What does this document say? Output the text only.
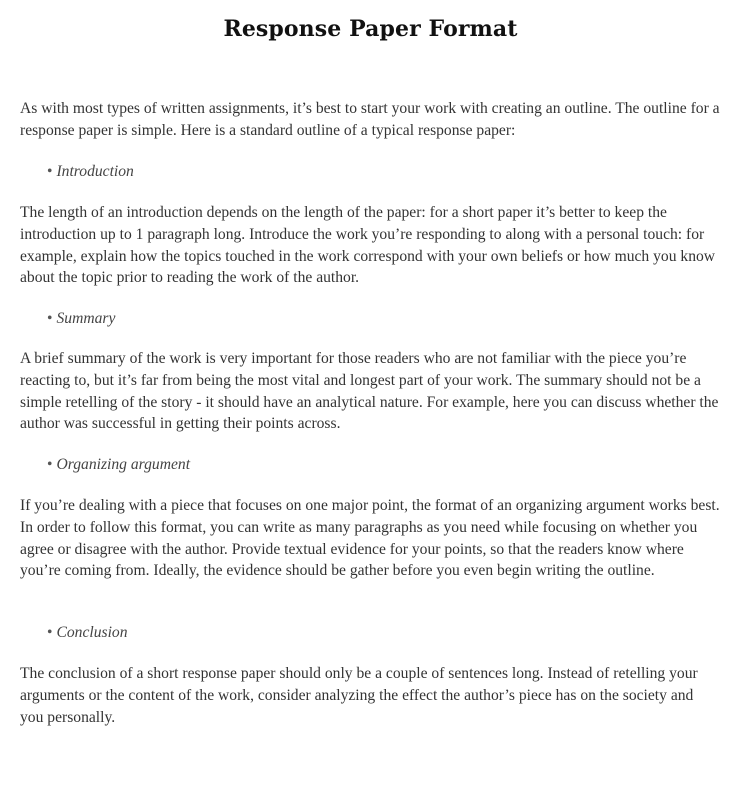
Response Paper Format

As with most types of written assignments, it’s best to start your work with creating an outline. The outline for a response paper is simple. Here is a standard outline of a typical response paper:

• Introduction

The length of an introduction depends on the length of the paper: for a short paper it’s better to keep the introduction up to 1 paragraph long. Introduce the work you’re responding to along with a personal touch: for example, explain how the topics touched in the work correspond with your own beliefs or how much you know about the topic prior to reading the work of the author.

• Summary

A brief summary of the work is very important for those readers who are not familiar with the piece you’re reacting to, but it’s far from being the most vital and longest part of your work. The summary should not be a simple retelling of the story - it should have an analytical nature. For example, here you can discuss whether the author was successful in getting their points across.

• Organizing argument

If you’re dealing with a piece that focuses on one major point, the format of an organizing argument works best. In order to follow this format, you can write as many paragraphs as you need while focusing on whether you agree or disagree with the author. Provide textual evidence for your points, so that the readers know where you’re coming from. Ideally, the evidence should be gather before you even begin writing the outline.

• Conclusion

The conclusion of a short response paper should only be a couple of sentences long. Instead of retelling your arguments or the content of the work, consider analyzing the effect the author’s piece has on the society and you personally.
